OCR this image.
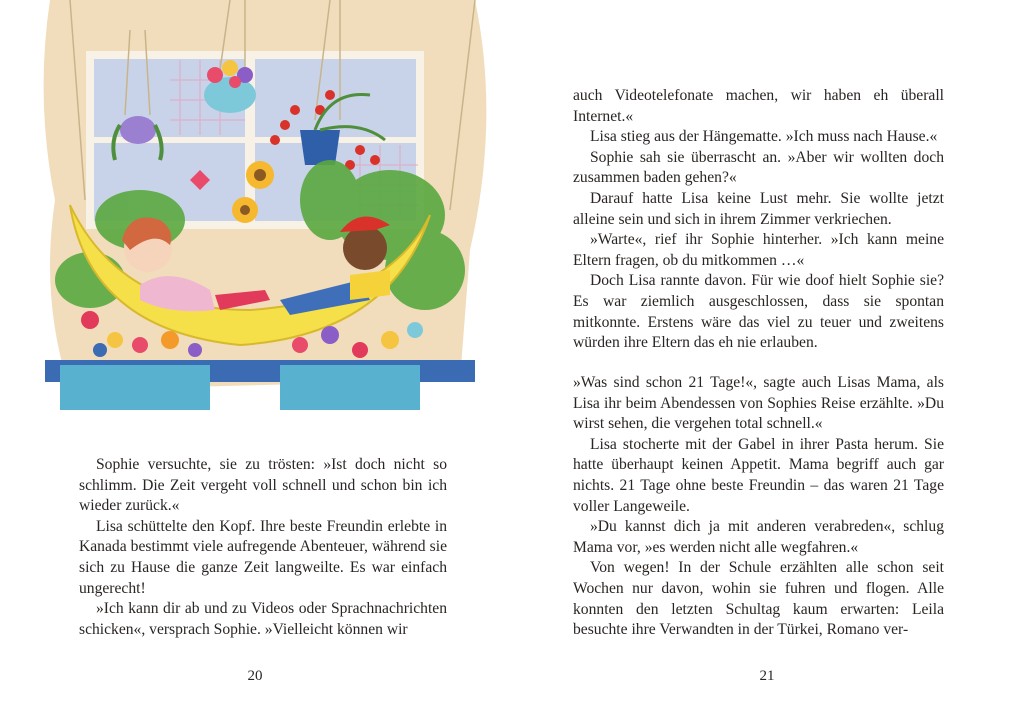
Sophie versuchte, sie zu trösten: »Ist doch nicht so schlimm. Die Zeit vergeht voll schnell und schon bin ich wieder zurück.«

Lisa schüttelte den Kopf. Ihre beste Freundin erlebte in Kanada bestimmt viele aufregende Abenteuer, während sie sich zu Hause die ganze Zeit langweilte. Es war einfach ungerecht!

»Ich kann dir ab und zu Videos oder Sprachnachrichten schicken«, versprach Sophie. »Vielleicht können wir

20

auch Videotelefonate machen, wir haben eh überall Internet.«

Lisa stieg aus der Hängematte. »Ich muss nach Hause.«

Sophie sah sie überrascht an. »Aber wir wollten doch zusammen baden gehen?«

Darauf hatte Lisa keine Lust mehr. Sie wollte jetzt alleine sein und sich in ihrem Zimmer verkriechen.

»Warte«, rief ihr Sophie hinterher. »Ich kann meine Eltern fragen, ob du mitkommen …«

Doch Lisa rannte davon. Für wie doof hielt Sophie sie? Es war ziemlich ausgeschlossen, dass sie spontan mitkonnte. Erstens wäre das viel zu teuer und zweitens würden ihre Eltern das eh nie erlauben.

»Was sind schon 21 Tage!«, sagte auch Lisas Mama, als Lisa ihr beim Abendessen von Sophies Reise erzählte. »Du wirst sehen, die vergehen total schnell.«

Lisa stocherte mit der Gabel in ihrer Pasta herum. Sie hatte überhaupt keinen Appetit. Mama begriff auch gar nichts. 21 Tage ohne beste Freundin – das waren 21 Tage voller Langeweile.

»Du kannst dich ja mit anderen verabreden«, schlug Mama vor, »es werden nicht alle wegfahren.«

Von wegen! In der Schule erzählten alle schon seit Wochen nur davon, wohin sie fuhren und flogen. Alle konnten den letzten Schultag kaum erwarten: Leila besuchte ihre Verwandten in der Türkei, Romano ver-

21
